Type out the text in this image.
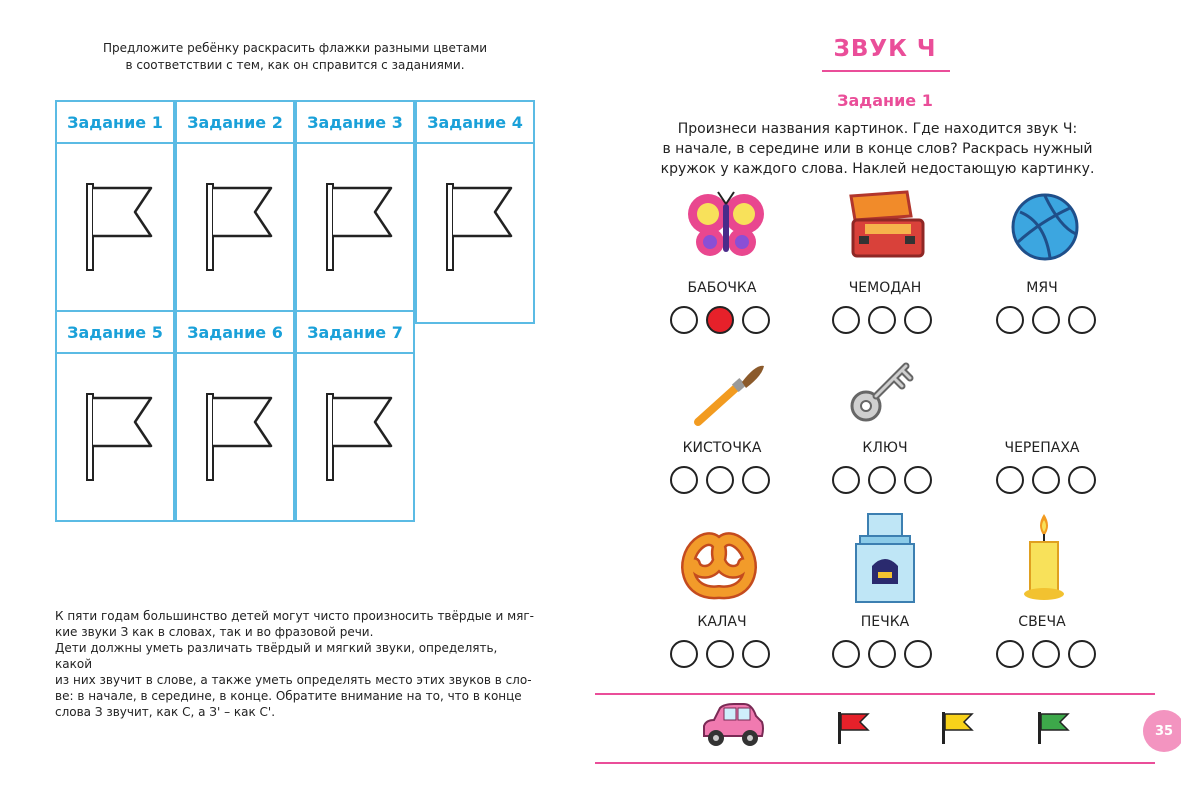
Предложите ребёнку раскрасить флажки разными цветами
в соответствии с тем, как он справится с заданиями.
Задание 1	Задание 2	Задание 3	Задание 4
Задание 5	Задание 6	Задание 7
К пяти годам большинство детей могут чисто произносить твёрдые и мяг-
кие звуки З как в словах, так и во фразовой речи.
Дети должны уметь различать твёрдый и мягкий звуки, определять, какой
из них звучит в слове, а также уметь определять место этих звуков в сло-
ве: в начале, в середине, в конце. Обратите внимание на то, что в конце
слова З звучит, как С, а З' – как С'.
ЗВУК Ч
Задание 1
Произнеси названия картинок. Где находится звук Ч:
в начале, в середине или в конце слов? Раскрась нужный
кружок у каждого слова. Наклей недостающую картинку.
БАБОЧКА	ЧЕМОДАН	МЯЧ
КИСТОЧКА	КЛЮЧ	ЧЕРЕПАХА
КАЛАЧ	ПЕЧКА	СВЕЧА
35
